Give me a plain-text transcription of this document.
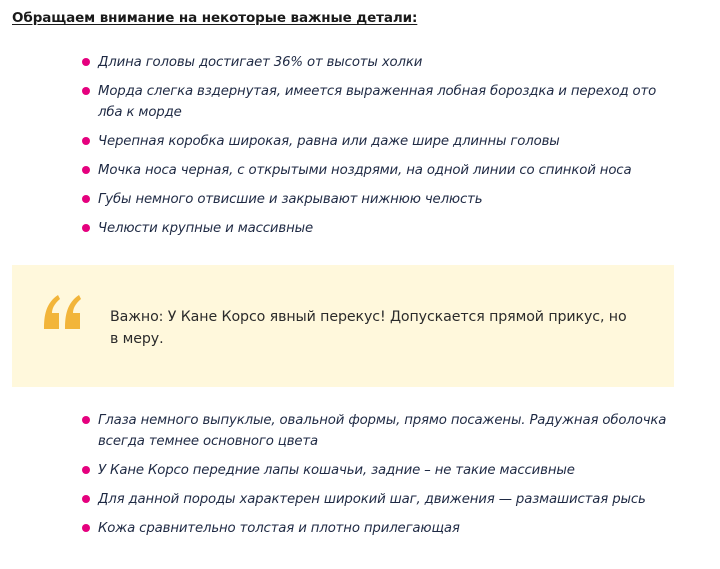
Обращаем внимание на некоторые важные детали:
Длина головы достигает 36% от высоты холки
Морда слегка вздернутая, имеется выраженная лобная бороздка и переход ото лба к морде
Черепная коробка широкая, равна или даже шире длинны головы
Мочка носа черная, с открытыми ноздрями, на одной линии со спинкой носа
Губы немного отвисшие и закрывают нижнюю челюсть
Челюсти крупные и массивные
Важно: У Кане Корсо явный перекус! Допускается прямой прикус, но в меру.
Глаза немного выпуклые, овальной формы, прямо посажены. Радужная оболочка всегда темнее основного цвета
У Кане Корсо передние лапы кошачьи, задние – не такие массивные
Для данной породы характерен широкий шаг, движения — размашистая рысь
Кожа сравнительно толстая и плотно прилегающая
